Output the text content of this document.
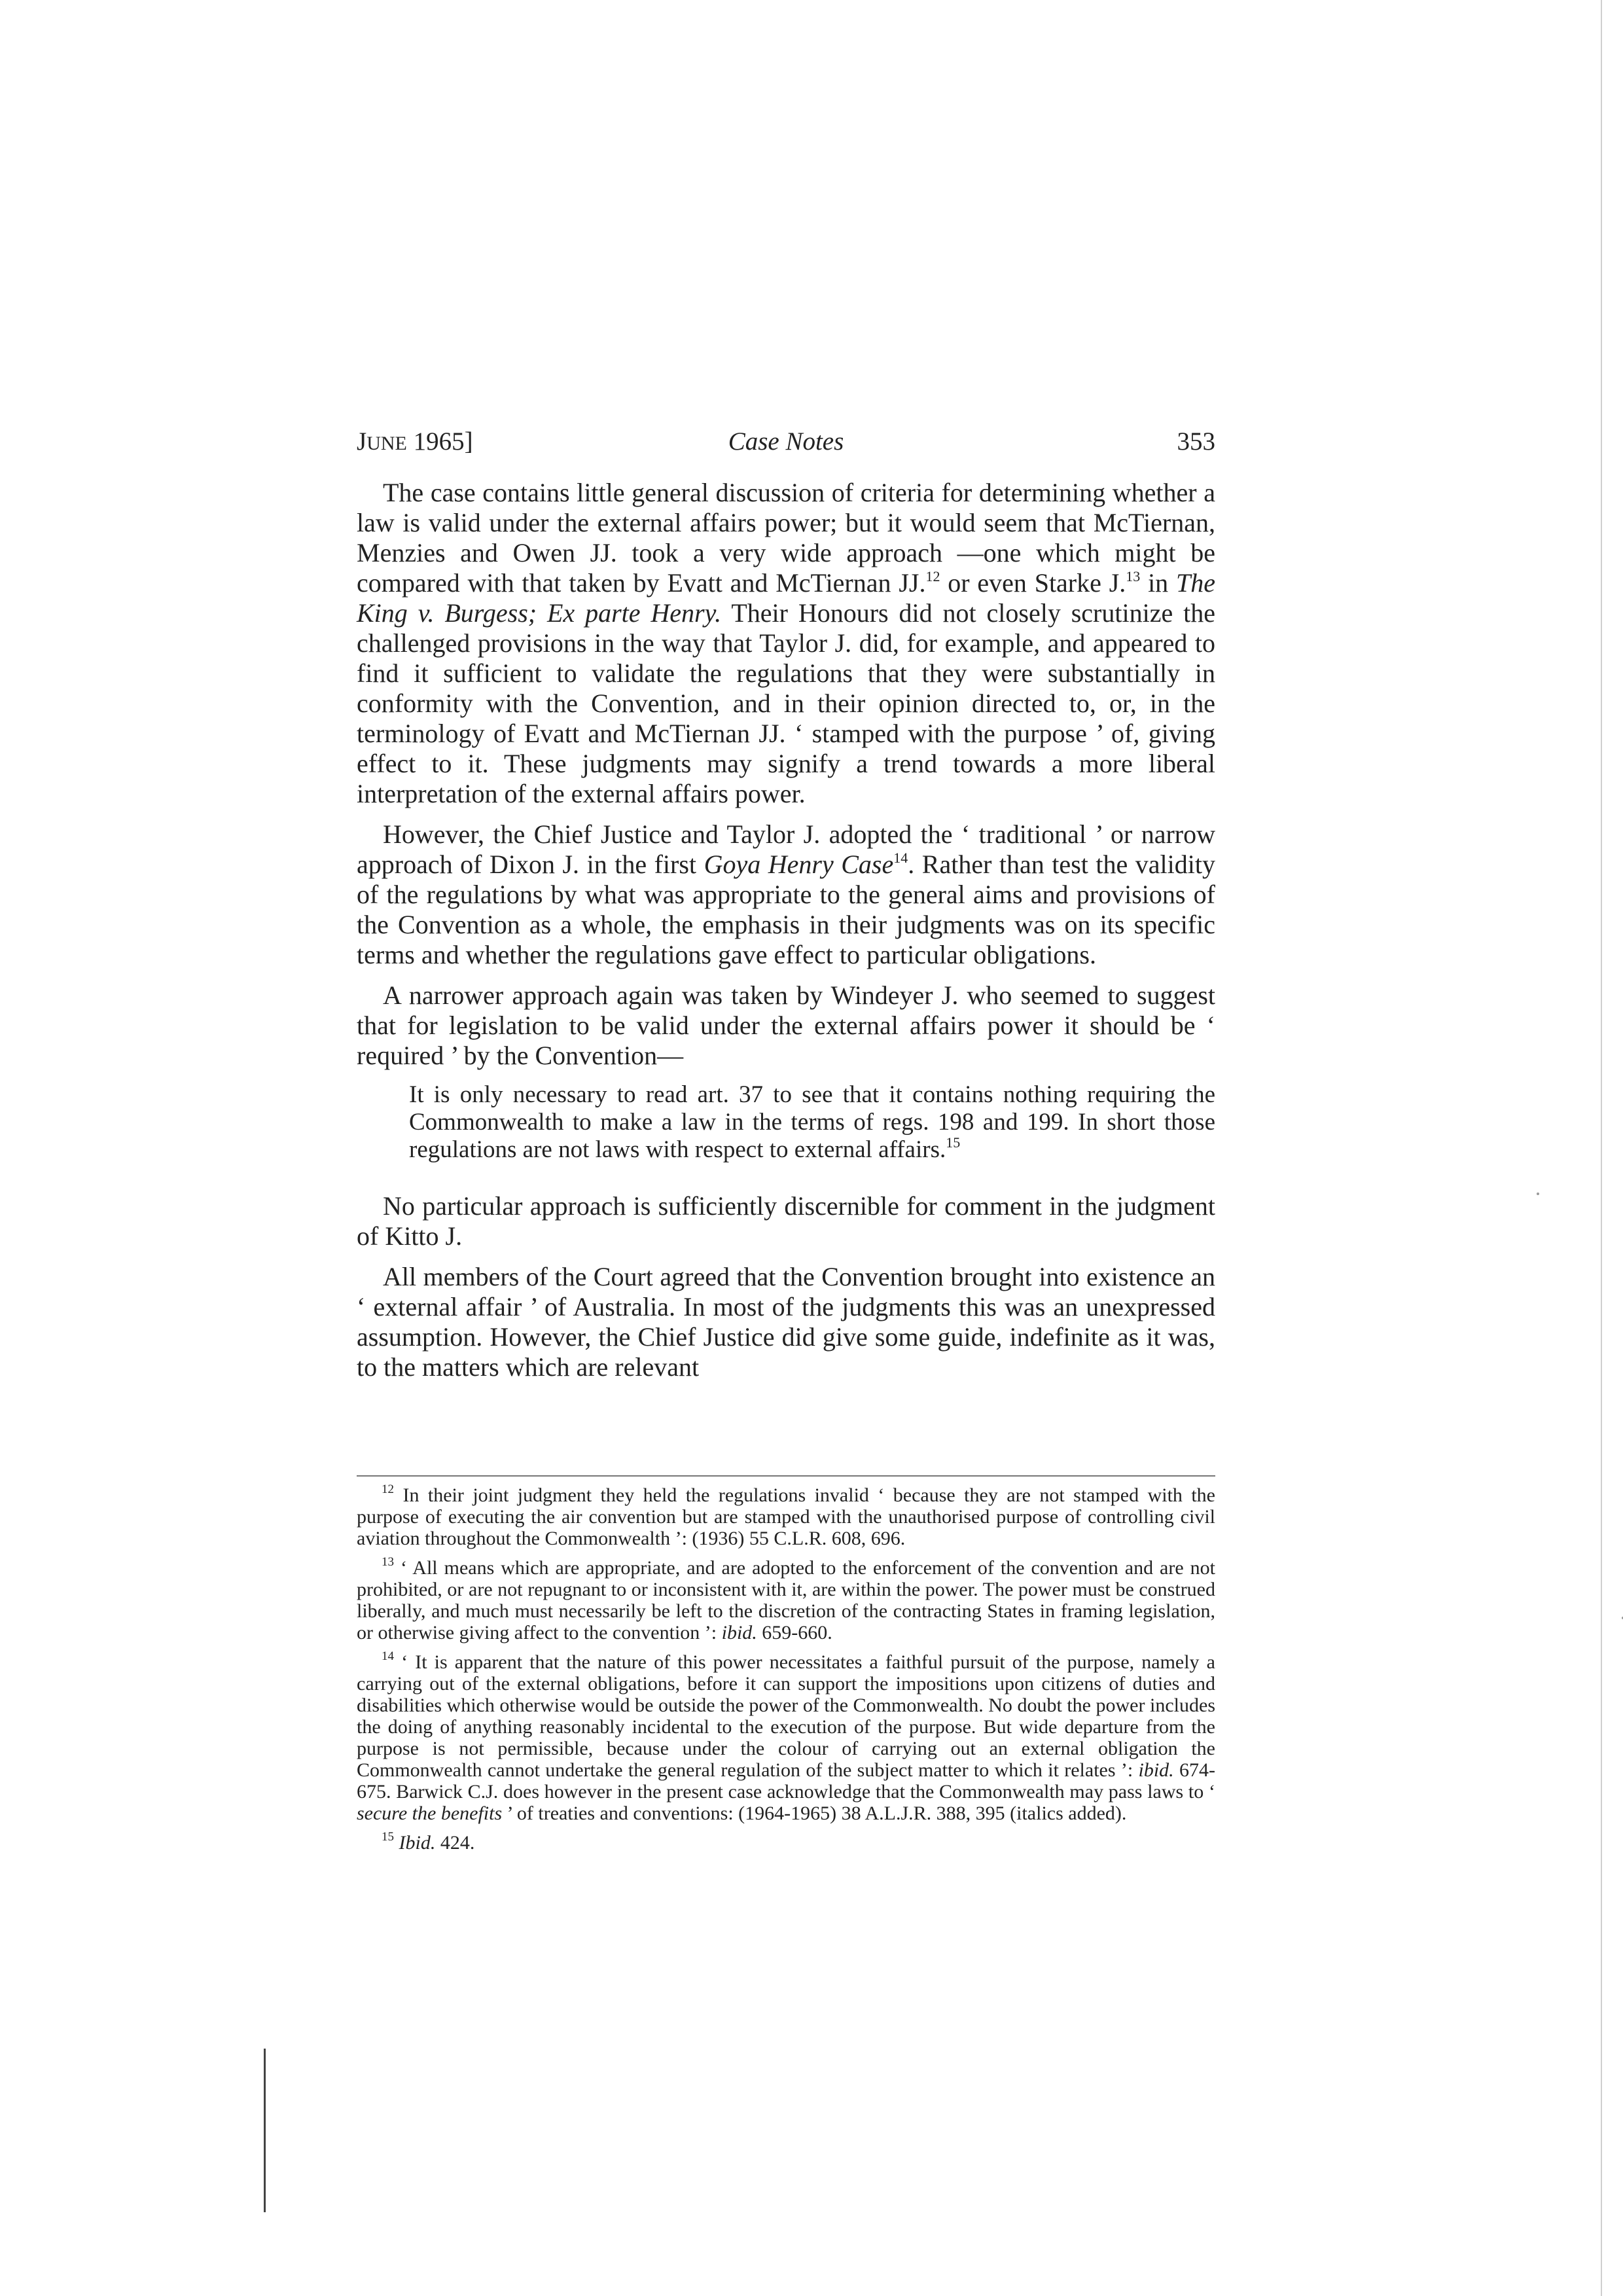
JUNE 1965]	Case Notes	353

The case contains little general discussion of criteria for determining whether a law is valid under the external affairs power; but it would seem that McTiernan, Menzies and Owen JJ. took a very wide approach —one which might be compared with that taken by Evatt and McTiernan JJ.$^{12}$ or even Starke J.$^{13}$ in The King v. Burgess; Ex parte Henry. Their Honours did not closely scrutinize the challenged provisions in the way that Taylor J. did, for example, and appeared to find it sufficient to validate the regulations that they were substantially in conformity with the Convention, and in their opinion directed to, or, in the terminology of Evatt and McTiernan JJ. ‘ stamped with the purpose ’ of, giving effect to it. These judgments may signify a trend towards a more liberal interpretation of the external affairs power.

However, the Chief Justice and Taylor J. adopted the ‘ traditional ’ or narrow approach of Dixon J. in the first Goya Henry Case$^{14}$. Rather than test the validity of the regulations by what was appropriate to the general aims and provisions of the Convention as a whole, the emphasis in their judgments was on its specific terms and whether the regulations gave effect to particular obligations.

A narrower approach again was taken by Windeyer J. who seemed to suggest that for legislation to be valid under the external affairs power it should be ‘ required ’ by the Convention—

It is only necessary to read art. 37 to see that it contains nothing requiring the Commonwealth to make a law in the terms of regs. 198 and 199. In short those regulations are not laws with respect to external affairs.$^{15}$

No particular approach is sufficiently discernible for comment in the judgment of Kitto J.

All members of the Court agreed that the Convention brought into existence an ‘ external affair ’ of Australia. In most of the judgments this was an unexpressed assumption. However, the Chief Justice did give some guide, indefinite as it was, to the matters which are relevant

$^{12}$ In their joint judgment they held the regulations invalid ‘ because they are not stamped with the purpose of executing the air convention but are stamped with the unauthorised purpose of controlling civil aviation throughout the Commonwealth ’: (1936) 55 C.L.R. 608, 696.

$^{13}$ ‘ All means which are appropriate, and are adopted to the enforcement of the convention and are not prohibited, or are not repugnant to or inconsistent with it, are within the power. The power must be construed liberally, and much must necessarily be left to the discretion of the contracting States in framing legislation, or otherwise giving affect to the convention ’: ibid. 659-660.

$^{14}$ ‘ It is apparent that the nature of this power necessitates a faithful pursuit of the purpose, namely a carrying out of the external obligations, before it can support the impositions upon citizens of duties and disabilities which otherwise would be outside the power of the Commonwealth. No doubt the power includes the doing of anything reasonably incidental to the execution of the purpose. But wide departure from the purpose is not permissible, because under the colour of carrying out an external obligation the Commonwealth cannot undertake the general regulation of the subject matter to which it relates ’: ibid. 674-675. Barwick C.J. does however in the present case acknowledge that the Commonwealth may pass laws to ‘ secure the benefits ’ of treaties and conventions: (1964-1965) 38 A.L.J.R. 388, 395 (italics added).

$^{15}$ Ibid. 424.
